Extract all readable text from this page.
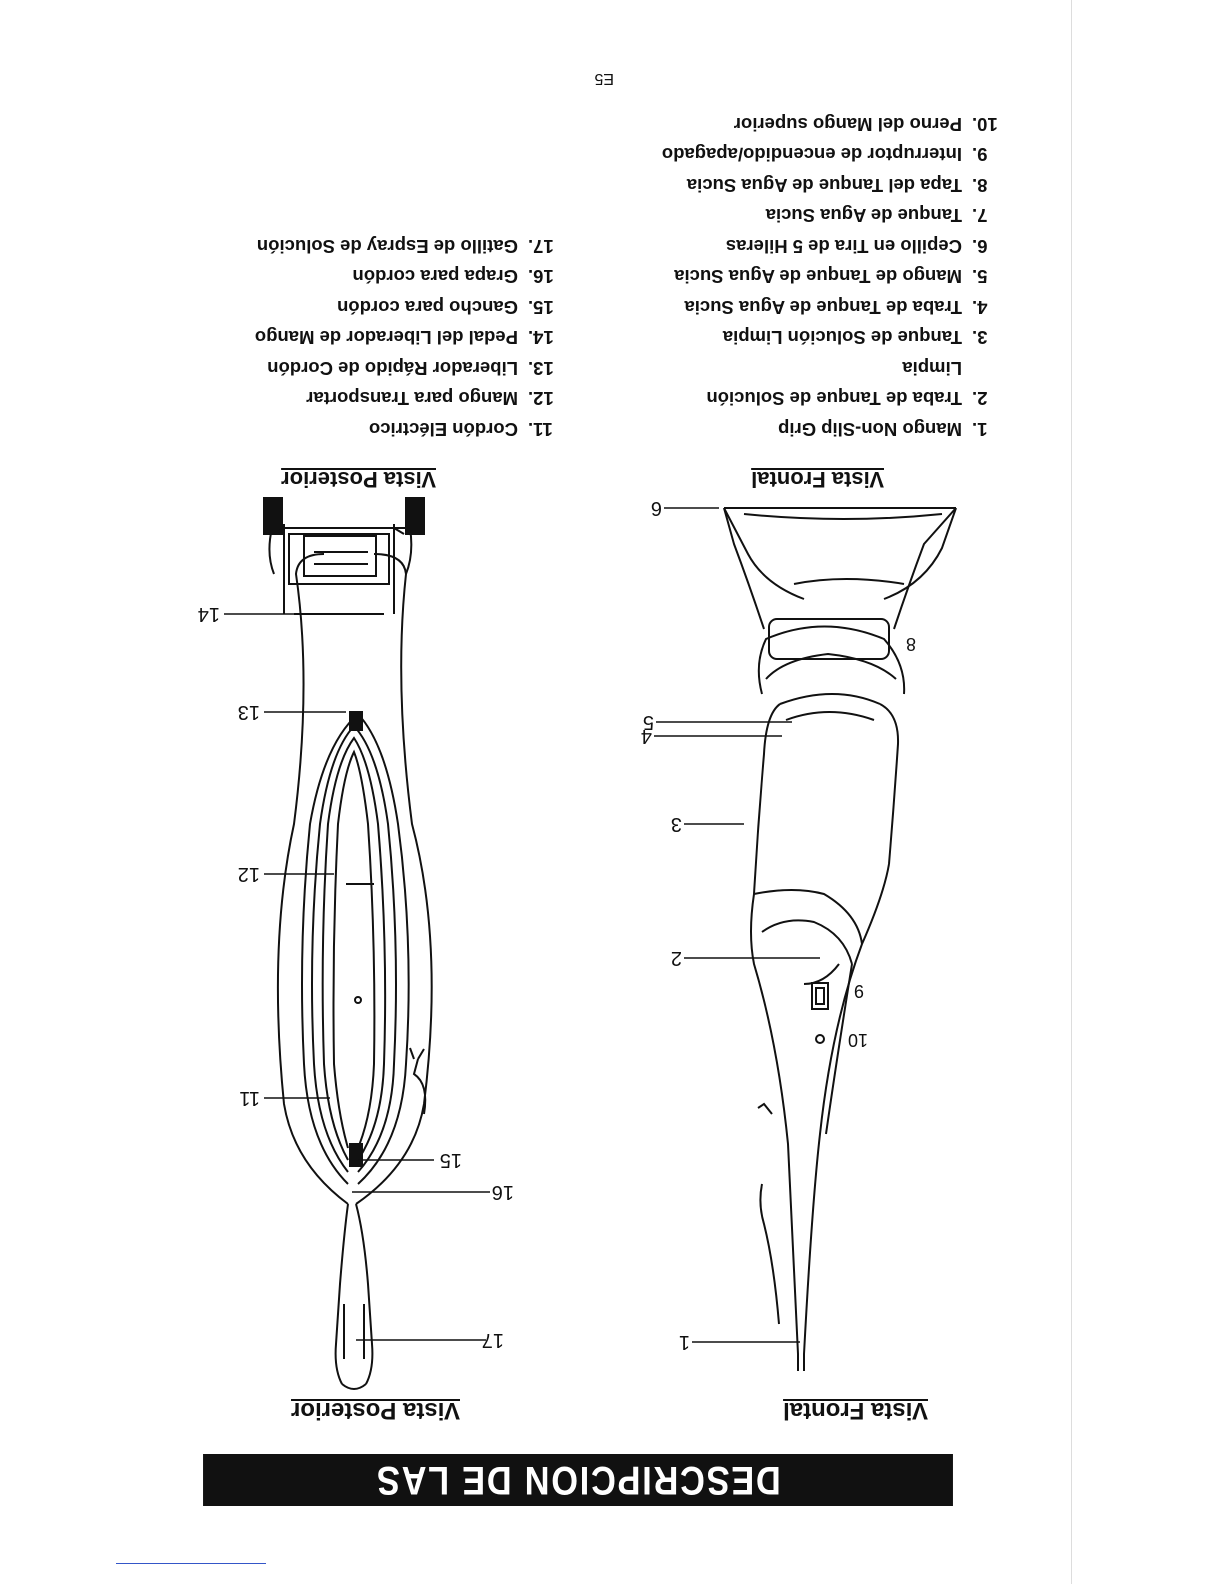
DESCRIPCION DE LAS CARACTERISTICAS	Vista Frontal
Vista Posterior
1
2
3
4
5
6
10
9
8
17
16
15
11
12
13
14
Vista Frontal
Vista Posterior
1.
Mango Non-Slip Grip
2.
Traba de Tanque de Solución
Limpia
3.
Tanque de Solución Limpia
4.
Traba de Tanque de Agua Sucia
5.
Mango de Tanque de Agua Sucia
6.
Cepillo en Tira de 5 Hileras
7.
Tanque de Agua Sucia
8.
Tapa del Tanque de Agua Sucia
9.
Interruptor de encendido/apagado
10.
Perno del Mango superior
11.
Cordón Eléctrico
12.
Mango para Transportar
13.
Liberador Rápido de Cordón
14.
Pedal del Liberador de Mango
15.
Gancho para cordón
16.
Grapa para cordón
17.
Gatillo de Espray de Solución
E5
